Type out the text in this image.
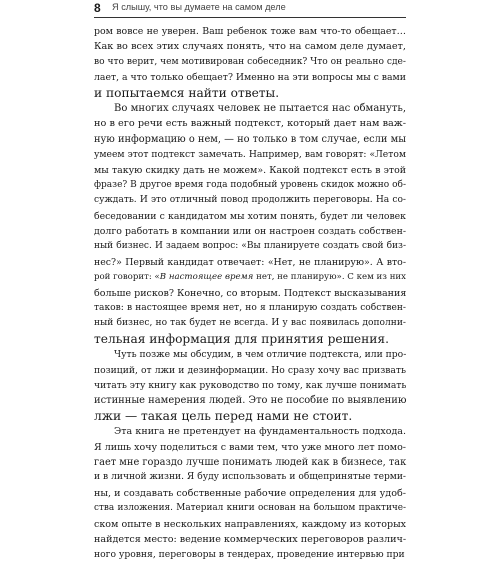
8 Я слышу, что вы думаете на самом деле
ром вовсе не уверен. Ваш ребенок тоже вам что-то обещает…
Как во всех этих случаях понять, что на самом деле думает,
во что верит, чем мотивирован собеседник? Что он реально сде-
лает, а что только обещает? Именно на эти вопросы мы с вами
и попытаемся найти ответы.
Во многих случаях человек не пытается нас обмануть,
но в его речи есть важный подтекст, который дает нам важ-
ную информацию о нем, — но только в том случае, если мы
умеем этот подтекст замечать. Например, вам говорят: «Летом
мы такую скидку дать не можем». Какой подтекст есть в этой
фразе? В другое время года подобный уровень скидок можно об-
суждать. И это отличный повод продолжить переговоры. На со-
беседовании с кандидатом мы хотим понять, будет ли человек
долго работать в компании или он настроен создать собствен-
ный бизнес. И задаем вопрос: «Вы планируете создать свой биз-
нес?» Первый кандидат отвечает: «Нет, не планирую». А вто-
рой говорит: «В настоящее время нет, не планирую». С кем из них
больше рисков? Конечно, со вторым. Подтекст высказывания
таков: в настоящее время нет, но я планирую создать собствен-
ный бизнес, но так будет не всегда. И у вас появилась дополни-
тельная информация для принятия решения.
Чуть позже мы обсудим, в чем отличие подтекста, или про-
позиций, от лжи и дезинформации. Но сразу хочу вас призвать
читать эту книгу как руководство по тому, как лучше понимать
истинные намерения людей. Это не пособие по выявлению
лжи — такая цель перед нами не стоит.
Эта книга не претендует на фундаментальность подхода.
Я лишь хочу поделиться с вами тем, что уже много лет помо-
гает мне гораздо лучше понимать людей как в бизнесе, так
и в личной жизни. Я буду использовать и общепринятые терми-
ны, и создавать собственные рабочие определения для удоб-
ства изложения. Материал книги основан на большом практиче-
ском опыте в нескольких направлениях, каждому из которых
найдется место: ведение коммерческих переговоров различ-
ного уровня, переговоры в тендерах, проведение интервью при
